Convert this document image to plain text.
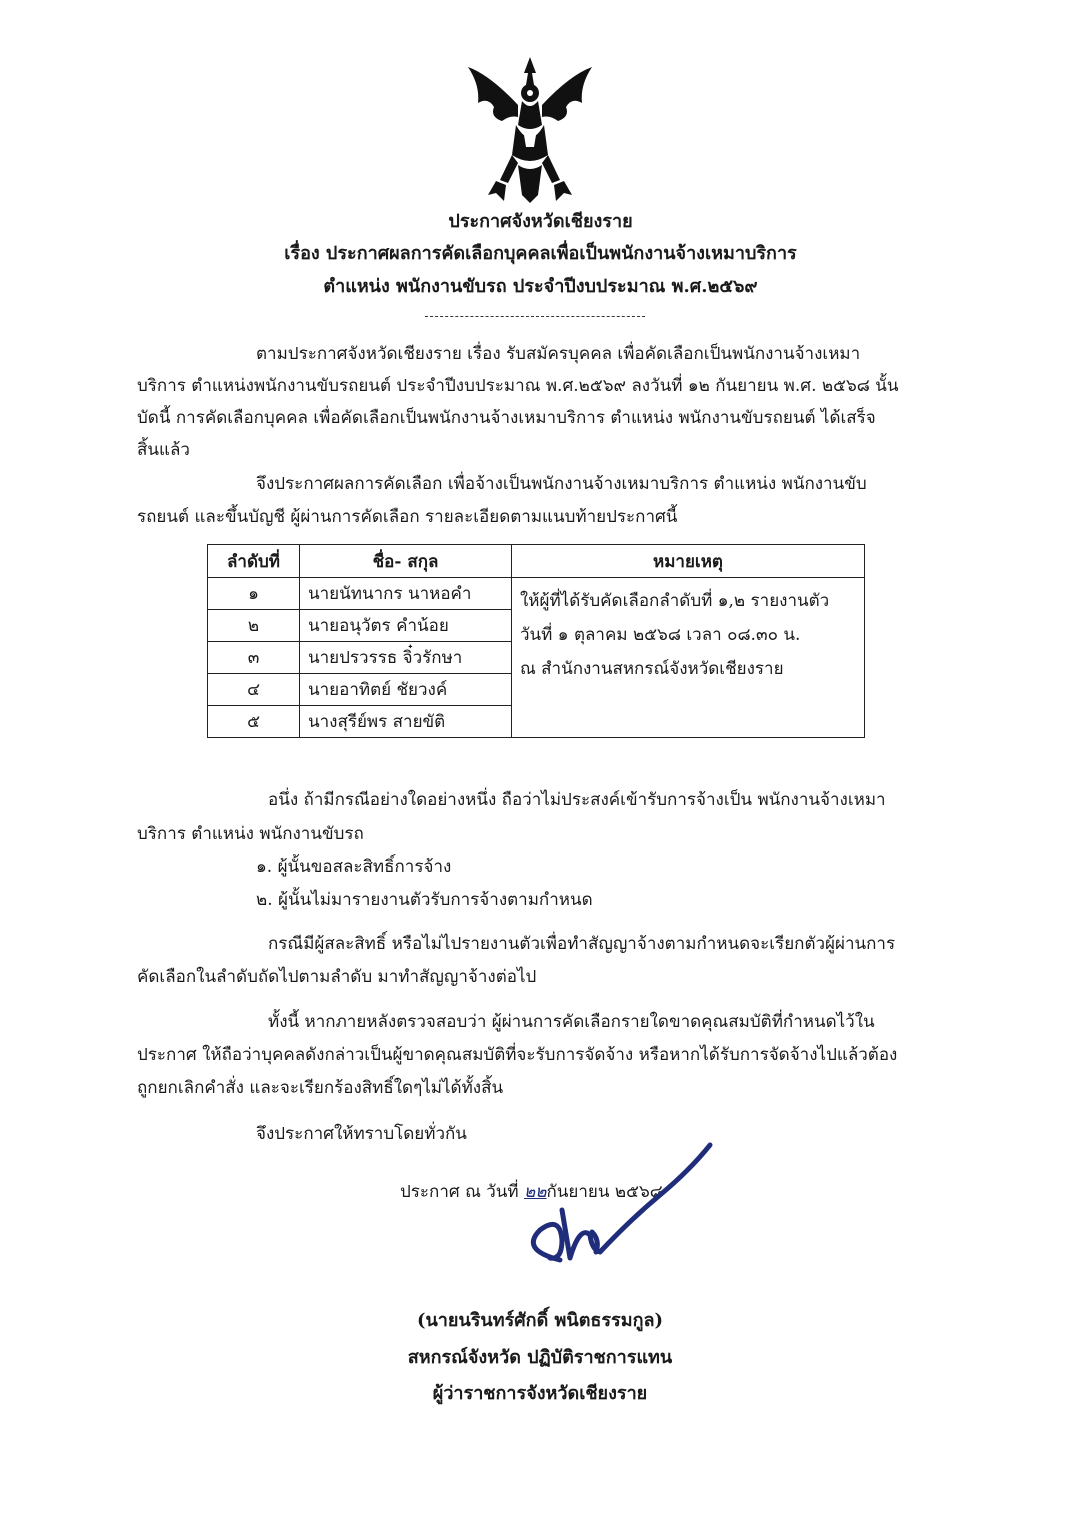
ประกาศจังหวัดเชียงราย
เรื่อง ประกาศผลการคัดเลือกบุคคลเพื่อเป็นพนักงานจ้างเหมาบริการ
ตำแหน่ง พนักงานขับรถ ประจำปีงบประมาณ พ.ศ.๒๕๖๙
ตามประกาศจังหวัดเชียงราย เรื่อง รับสมัครบุคคล เพื่อคัดเลือกเป็นพนักงานจ้างเหมา
บริการ ตำแหน่งพนักงานขับรถยนต์ ประจำปีงบประมาณ พ.ศ.๒๕๖๙ ลงวันที่ ๑๒ กันยายน พ.ศ. ๒๕๖๘ นั้น
บัดนี้ การคัดเลือกบุคคล เพื่อคัดเลือกเป็นพนักงานจ้างเหมาบริการ ตำแหน่ง พนักงานขับรถยนต์ ได้เสร็จ
สิ้นแล้ว
จึงประกาศผลการคัดเลือก เพื่อจ้างเป็นพนักงานจ้างเหมาบริการ ตำแหน่ง พนักงานขับ
รถยนต์ และขึ้นบัญชี ผู้ผ่านการคัดเลือก รายละเอียดตามแนบท้ายประกาศนี้
ลำดับที่	ชื่อ- สกุล	หมายเหตุ
๑	นายนัทนากร นาหอคำ	ให้ผู้ที่ได้รับคัดเลือกลำดับที่ ๑,๒ รายงานตัว
วันที่ ๑ ตุลาคม ๒๕๖๘ เวลา ๐๘.๓๐ น.
ณ สำนักงานสหกรณ์จังหวัดเชียงราย

๒	นายอนุวัตร คำน้อย	
๓	นายปรวรรธ จิ๋วรักษา	
๔	นายอาทิตย์ ชัยวงค์	
๕	นางสุรีย์พร สายขัติ	
อนึ่ง ถ้ามีกรณีอย่างใดอย่างหนึ่ง ถือว่าไม่ประสงค์เข้ารับการจ้างเป็น พนักงานจ้างเหมา
บริการ ตำแหน่ง พนักงานขับรถ
๑. ผู้นั้นขอสละสิทธิ์การจ้าง
๒. ผู้นั้นไม่มารายงานตัวรับการจ้างตามกำหนด
กรณีมีผู้สละสิทธิ์ หรือไม่ไปรายงานตัวเพื่อทำสัญญาจ้างตามกำหนดจะเรียกตัวผู้ผ่านการ
คัดเลือกในลำดับถัดไปตามลำดับ มาทำสัญญาจ้างต่อไป
ทั้งนี้ หากภายหลังตรวจสอบว่า ผู้ผ่านการคัดเลือกรายใดขาดคุณสมบัติที่กำหนดไว้ใน
ประกาศ ให้ถือว่าบุคคลดังกล่าวเป็นผู้ขาดคุณสมบัติที่จะรับการจัดจ้าง หรือหากได้รับการจัดจ้างไปแล้วต้อง
ถูกยกเลิกคำสั่ง และจะเรียกร้องสิทธิ์ใดๆไม่ได้ทั้งสิ้น
จึงประกาศให้ทราบโดยทั่วกัน
ประกาศ ณ วันที่ ๒๒กันยายน ๒๕๖๘
(นายนรินทร์ศักดิ์ พนิตธรรมกูล)
สหกรณ์จังหวัด ปฏิบัติราชการแทน
ผู้ว่าราชการจังหวัดเชียงราย
